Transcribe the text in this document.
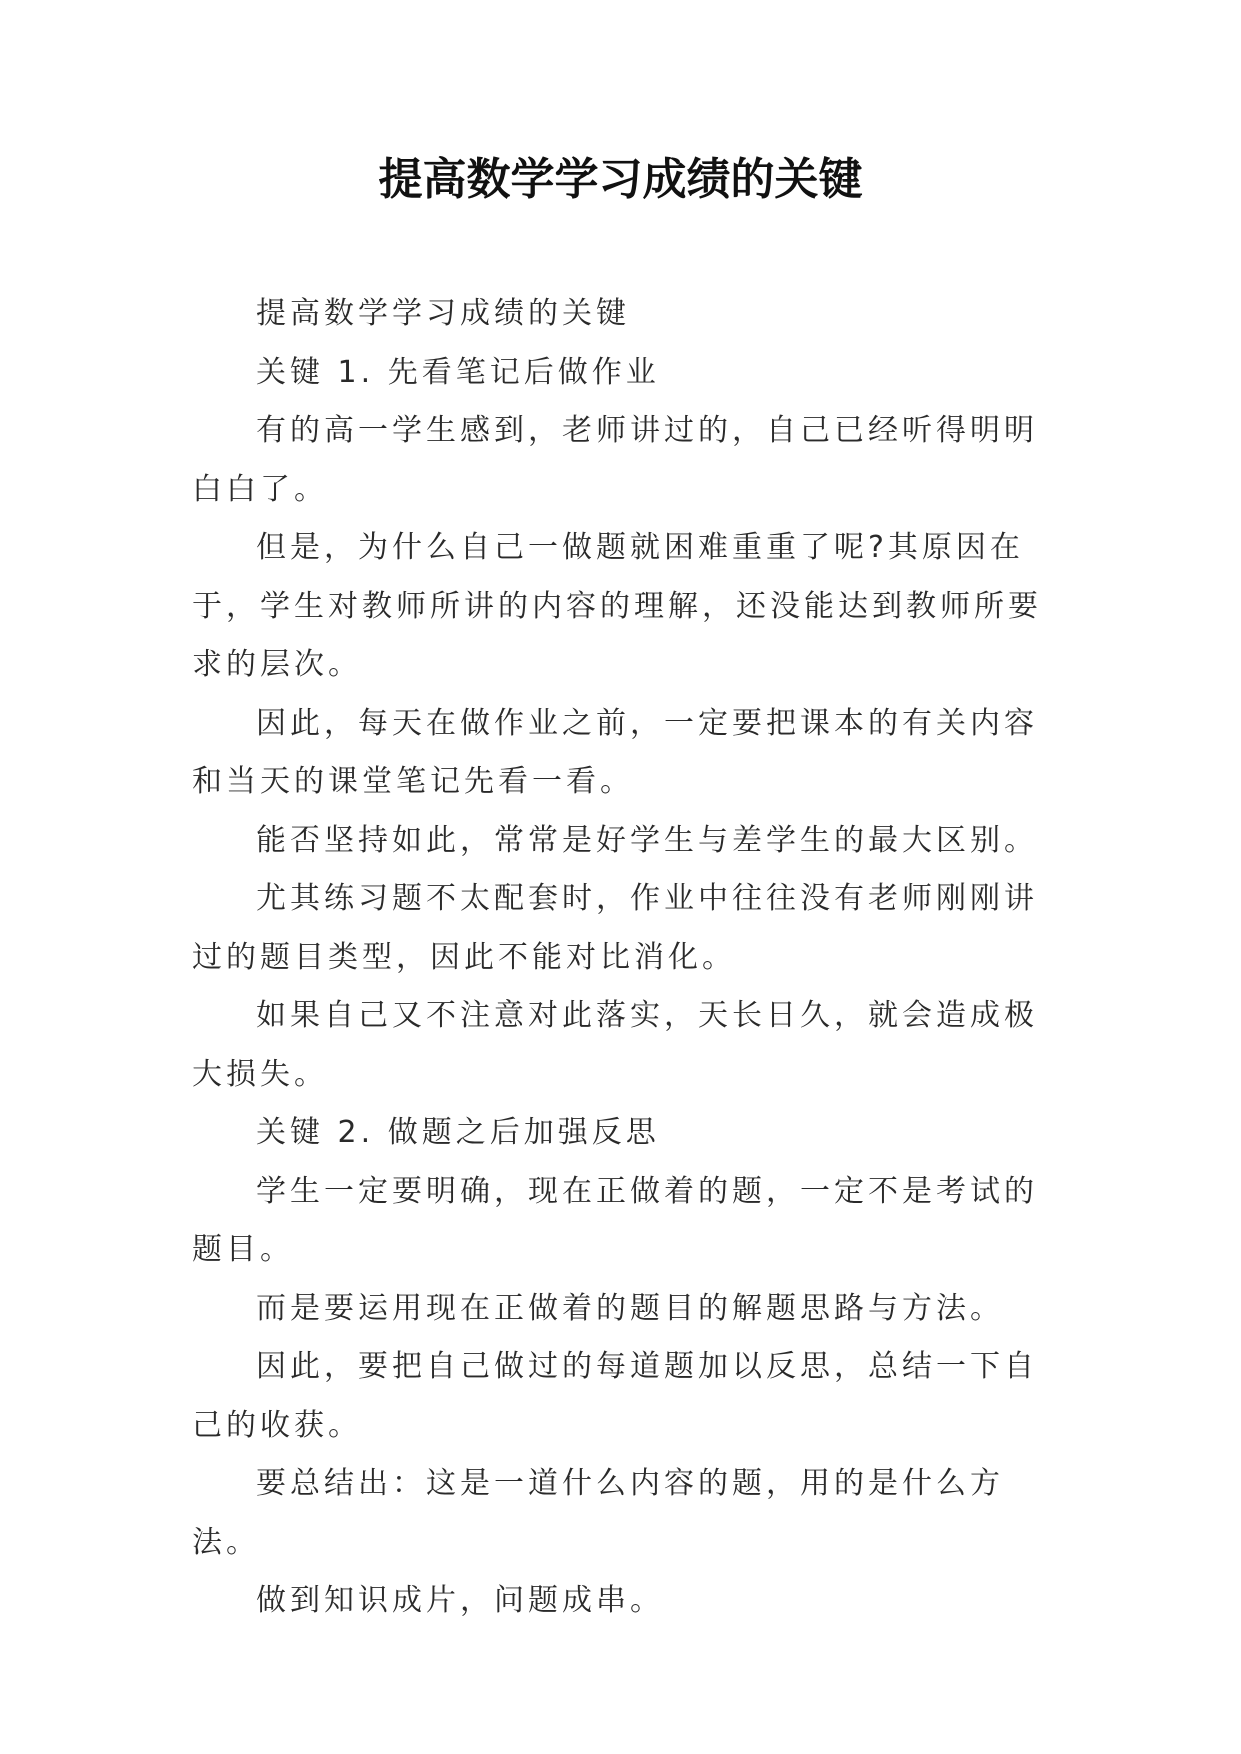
提高数学学习成绩的关键

提高数学学习成绩的关键

关键 1. 先看笔记后做作业

有的高一学生感到，老师讲过的，自己已经听得明明白白了。

但是，为什么自己一做题就困难重重了呢?其原因在于，学生对教师所讲的内容的理解，还没能达到教师所要求的层次。

因此，每天在做作业之前，一定要把课本的有关内容和当天的课堂笔记先看一看。

能否坚持如此，常常是好学生与差学生的最大区别。

尤其练习题不太配套时，作业中往往没有老师刚刚讲过的题目类型，因此不能对比消化。

如果自己又不注意对此落实，天长日久，就会造成极大损失。

关键 2. 做题之后加强反思

学生一定要明确，现在正做着的题，一定不是考试的题目。

而是要运用现在正做着的题目的解题思路与方法。

因此，要把自己做过的每道题加以反思，总结一下自己的收获。

要总结出：这是一道什么内容的题，用的是什么方法。

做到知识成片，问题成串。
